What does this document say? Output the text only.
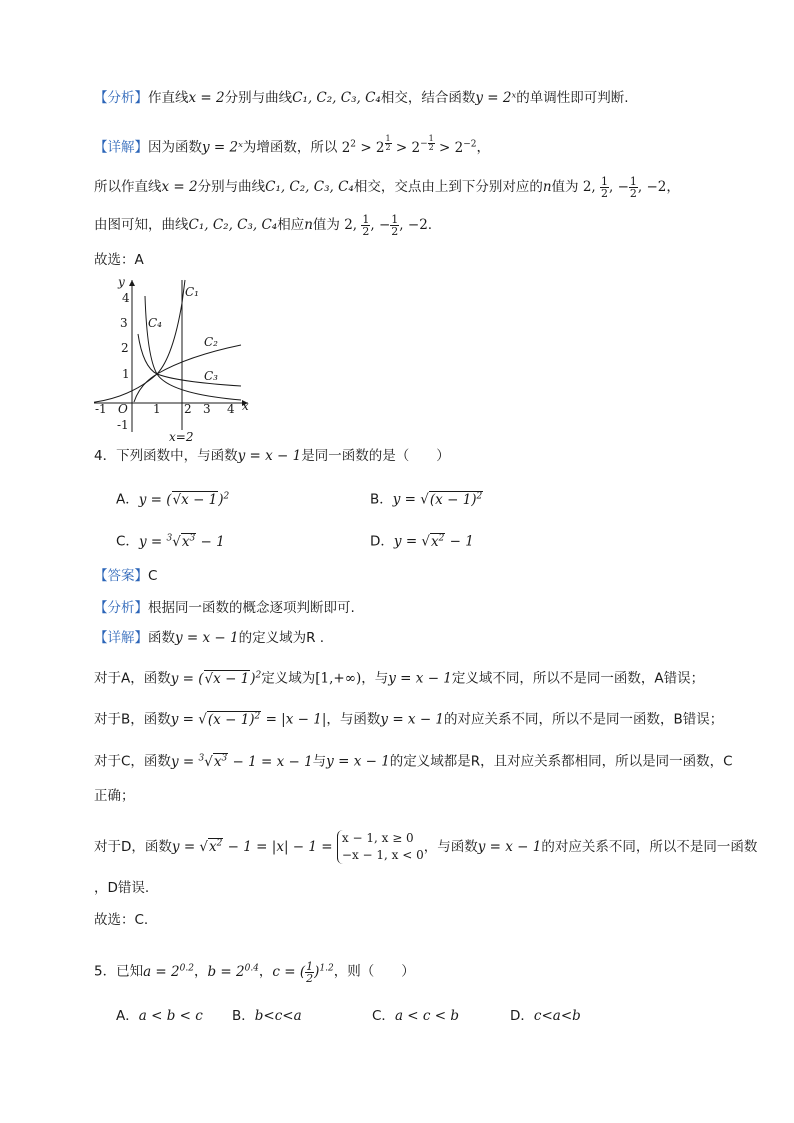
【分析】作直线x = 2分别与曲线C₁, C₂, C₃, C₄相交，结合函数y = 2ˣ的单调性即可判断.
【详解】因为函数y = 2ˣ为增函数，所以 $2^2 > 2$ $^{\frac{1}{2}} > 2^{- \frac{1}{2}} > 2^{-2}$，
所以作直线x = 2分别与曲线C₁, C₂, C₃, C₄相交，交点由上到下分别对应的n值为 2, $\frac{1}{2}$ , − $\frac{1}{2}$ , −2，
由图可知，曲线C₁, C₂, C₃, C₄相应n值为 2, $\frac{1}{2}$ , − $\frac{1}{2}$ , −2.
故选：A
-1 O 1 2 3 4 x
4
3
2
1
-1
y
C₁
C₂
C₃
C₄
x=2
4．下列函数中，与函数y = x − 1是同一函数的是（　　）
A．$y = (√x - 1)^2$	B．$y = √(x - 1)^2$
C．$y = ^3√x^3 - 1$	D．$y = √x^2 - 1$
【答案】C
【分析】根据同一函数的概念逐项判断即可.
【详解】函数y = x − 1的定义域为R .
对于A，函数$y = (√x - 1)^2$定义域为[1,+∞)，与y = x − 1定义域不同，所以不是同一函数，A错误；
对于B，函数$y = √(x - 1)^2 = |x - 1|$，与函数y = x − 1的对应关系不同，所以不是同一函数，B错误；
对于C，函数$y = ^3√x^3 - 1 = x - 1$与y = x − 1的定义域都是R，且对应关系都相同，所以是同一函数，C
正确；
对于D，函数$y = √x^2 - 1 = |x| - 1$ =
x − 1, x ≥ 0
−x − 1, x < 0 ，与函数y = x − 1的对应关系不同，所以不是同一函数
，D错误.
故选：C.
5．已知$a = 2^{0.2}$，$b = 2^{0.4}$，c = ( $\frac{1}{2} )^{1.2}$，则（　　）
A．a < b < c B．b<c<a	C．a < c < b	D．c<a<b
